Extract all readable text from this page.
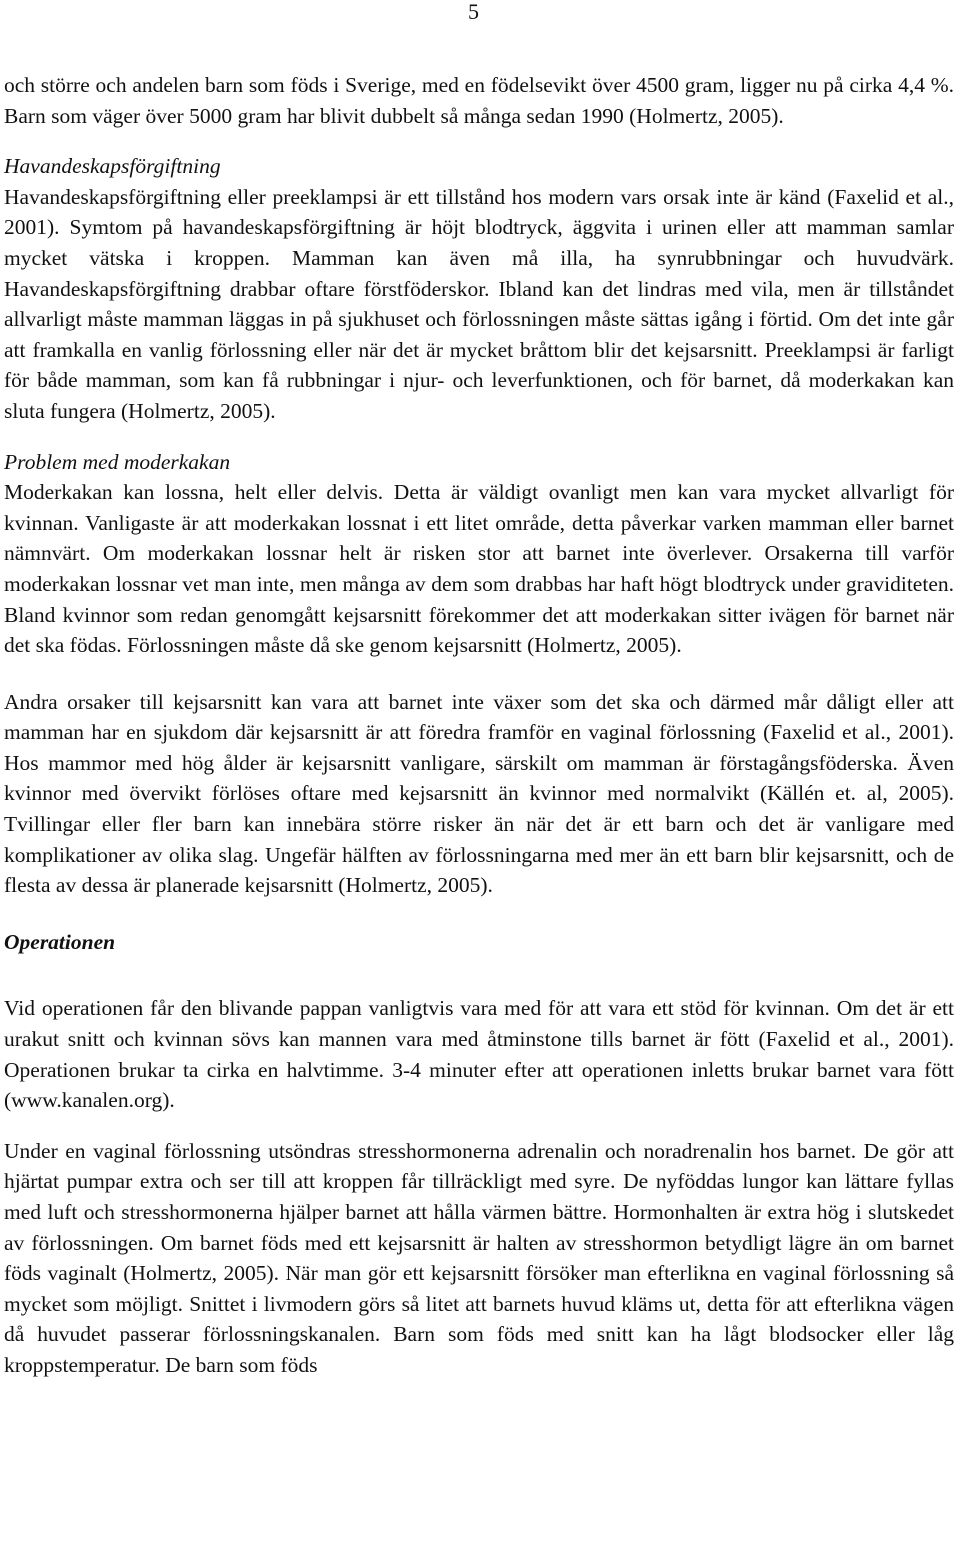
5

och större och andelen barn som föds i Sverige, med en födelsevikt över 4500 gram, ligger nu på cirka 4,4 %. Barn som väger över 5000 gram har blivit dubbelt så många sedan 1990 (Holmertz, 2005).

Havandeskapsförgiftning

Havandeskapsförgiftning eller preeklampsi är ett tillstånd hos modern vars orsak inte är känd (Faxelid et al., 2001). Symtom på havandeskapsförgiftning är höjt blodtryck, äggvita i urinen eller att mamman samlar mycket vätska i kroppen. Mamman kan även må illa, ha synrubbningar och huvudvärk. Havandeskapsförgiftning drabbar oftare förstföderskor. Ibland kan det lindras med vila, men är tillståndet allvarligt måste mamman läggas in på sjukhuset och förlossningen måste sättas igång i förtid. Om det inte går att framkalla en vanlig förlossning eller när det är mycket bråttom blir det kejsarsnitt. Preeklampsi är farligt för både mamman, som kan få rubbningar i njur- och leverfunktionen, och för barnet, då moderkakan kan sluta fungera (Holmertz, 2005).

Problem med moderkakan

Moderkakan kan lossna, helt eller delvis. Detta är väldigt ovanligt men kan vara mycket allvarligt för kvinnan. Vanligaste är att moderkakan lossnat i ett litet område, detta påverkar varken mamman eller barnet nämnvärt. Om moderkakan lossnar helt är risken stor att barnet inte överlever. Orsakerna till varför moderkakan lossnar vet man inte, men många av dem som drabbas har haft högt blodtryck under graviditeten. Bland kvinnor som redan genomgått kejsarsnitt förekommer det att moderkakan sitter ivägen för barnet när det ska födas. Förlossningen måste då ske genom kejsarsnitt (Holmertz, 2005).

Andra orsaker till kejsarsnitt kan vara att barnet inte växer som det ska och därmed mår dåligt eller att mamman har en sjukdom där kejsarsnitt är att föredra framför en vaginal förlossning (Faxelid et al., 2001). Hos mammor med hög ålder är kejsarsnitt vanligare, särskilt om mamman är förstagångsföderska. Även kvinnor med övervikt förlöses oftare med kejsarsnitt än kvinnor med normalvikt (Källén et. al, 2005). Tvillingar eller fler barn kan innebära större risker än när det är ett barn och det är vanligare med komplikationer av olika slag. Ungefär hälften av förlossningarna med mer än ett barn blir kejsarsnitt, och de flesta av dessa är planerade kejsarsnitt (Holmertz, 2005).

Operationen

Vid operationen får den blivande pappan vanligtvis vara med för att vara ett stöd för kvinnan. Om det är ett urakut snitt och kvinnan sövs kan mannen vara med åtminstone tills barnet är fött (Faxelid et al., 2001). Operationen brukar ta cirka en halvtimme. 3-4 minuter efter att operationen inletts brukar barnet vara fött (www.kanalen.org).

Under en vaginal förlossning utsöndras stresshormonerna adrenalin och noradrenalin hos barnet. De gör att hjärtat pumpar extra och ser till att kroppen får tillräckligt med syre. De nyföddas lungor kan lättare fyllas med luft och stresshormonerna hjälper barnet att hålla värmen bättre. Hormonhalten är extra hög i slutskedet av förlossningen. Om barnet föds med ett kejsarsnitt är halten av stresshormon betydligt lägre än om barnet föds vaginalt (Holmertz, 2005). När man gör ett kejsarsnitt försöker man efterlikna en vaginal förlossning så mycket som möjligt. Snittet i livmodern görs så litet att barnets huvud kläms ut, detta för att efterlikna vägen då huvudet passerar förlossningskanalen. Barn som föds med snitt kan ha lågt blodsocker eller låg kroppstemperatur. De barn som föds
